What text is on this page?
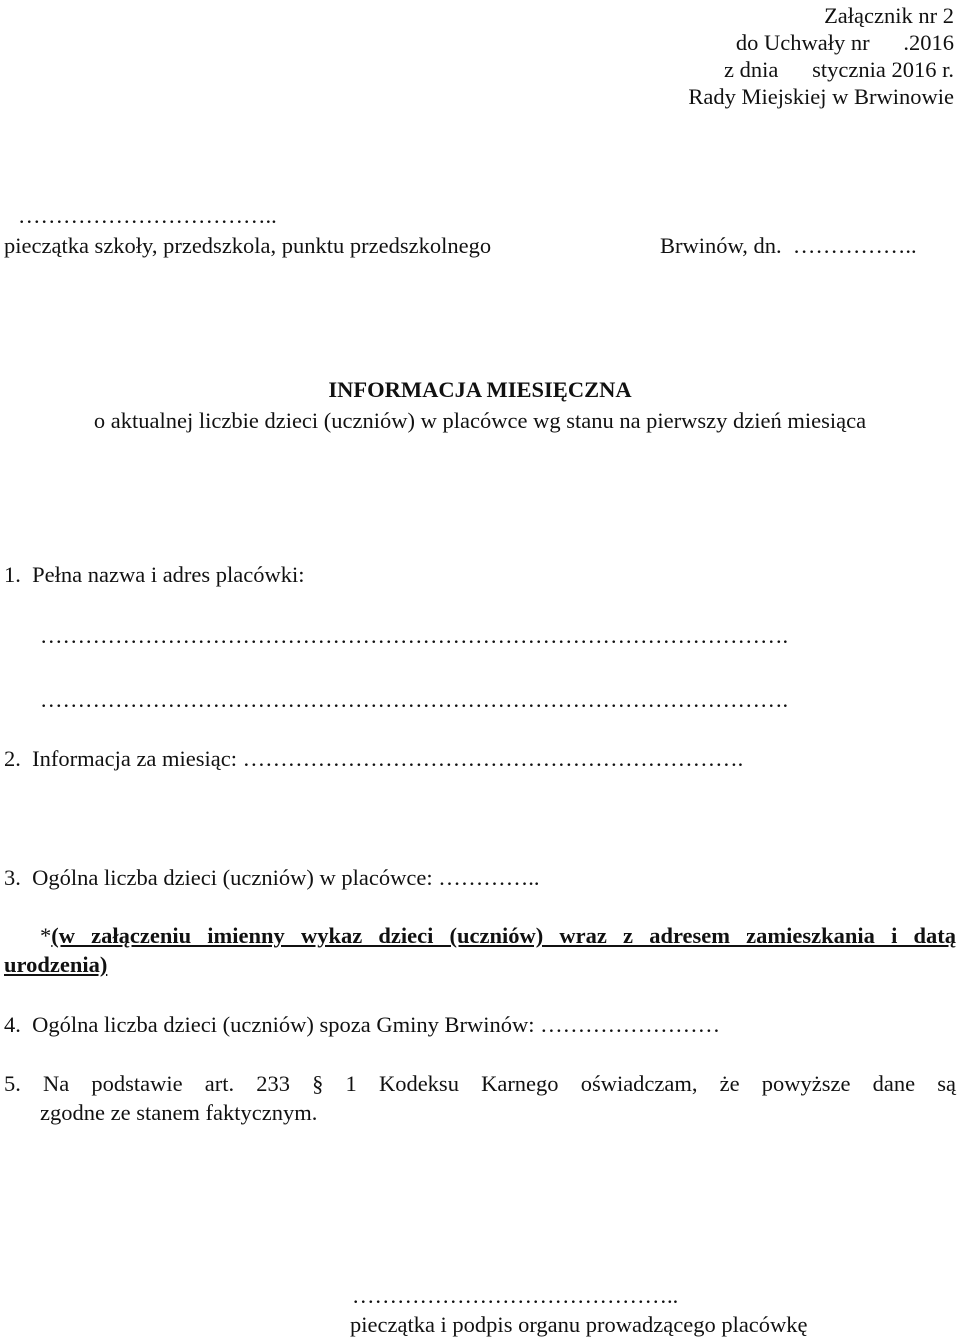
Załącznik nr 2
do Uchwały nr      .2016
z dnia      stycznia 2016 r.
Rady Miejskiej w Brwinowie
……………………………..
pieczątka szkoły, przedszkola, punktu przedszkolnego	Brwinów, dn.  ……………..
INFORMACJA MIESIĘCZNA
o aktualnej liczbie dzieci (uczniów) w placówce wg stanu na pierwszy dzień miesiąca
1.  Pełna nazwa i adres placówki:
……………………………………………………………………………………….
……………………………………………………………………………………….
2.  Informacja za miesiąc: ………………………………………………………….
3.  Ogólna liczba dzieci (uczniów) w placówce: …………..
*(w załączeniu imienny wykaz dzieci (uczniów) wraz z adresem zamieszkania i datą
urodzenia)
4.  Ogólna liczba dzieci (uczniów) spoza Gminy Brwinów: ……………………
5. Na podstawie art. 233 § 1 Kodeksu Karnego oświadczam, że powyższe dane są
zgodne ze stanem faktycznym.
……………………………………..
pieczątka i podpis organu prowadzącego placówkę
